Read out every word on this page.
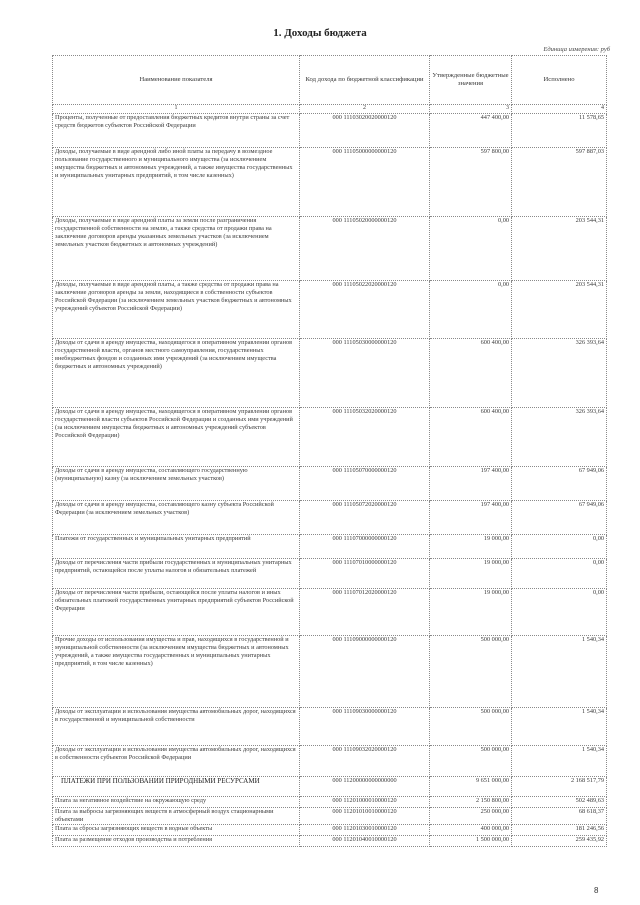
1. Доходы бюджета
Единица измерения: руб
Наименование показателя	Код дохода по бюджетной классификации	Утвержденные бюджетные значения	Исполнено
1	2	3	4
Проценты, полученные от предоставления бюджетных кредитов внутри страны за счет средств бюджетов субъектов Российской Федерации	000 11103020020000120	447 400,00	11 578,65
Доходы, получаемые в виде арендной либо иной платы за передачу в возмездное пользование государственного и муниципального имущества (за исключением имущества бюджетных и автономных учреждений, а также имущества государственных и муниципальных унитарных предприятий, в том числе казенных)	000 11105000000000120	597 800,00	597 887,03
Доходы, получаемые в виде арендной платы за земли после разграничения государственной собственности на землю, а также средства от продажи права на заключение договоров аренды указанных земельных участков (за исключением земельных участков бюджетных и автономных учреждений)	000 11105020000000120	0,00	203 544,31
Доходы, получаемые в виде арендной платы, а также средства от продажи права на заключение договоров аренды за земли, находящиеся в собственности субъектов Российской Федерации (за исключением земельных участков бюджетных и автономных учреждений субъектов Российской Федерации)	000 11105022020000120	0,00	203 544,31
Доходы от сдачи в аренду имущества, находящегося в оперативном управлении органов государственной власти, органов местного самоуправления, государственных внебюджетных фондов и созданных ими учреждений (за исключением имущества бюджетных и автономных учреждений)	000 11105030000000120	600 400,00	326 393,64
Доходы от сдачи в аренду имущества, находящегося в оперативном управлении органов государственной власти субъектов Российской Федерации и созданных ими учреждений (за исключением имущества бюджетных и автономных учреждений субъектов Российской Федерации)	000 11105032020000120	600 400,00	326 393,64
Доходы от сдачи в аренду имущества, составляющего государственную (муниципальную) казну (за исключением земельных участков)	000 11105070000000120	197 400,00	67 949,06
Доходы от сдачи в аренду имущества, составляющего казну субъекта Российской Федерации (за исключением земельных участков)	000 11105072020000120	197 400,00	67 949,06
Платежи от государственных и муниципальных унитарных предприятий	000 11107000000000120	19 000,00	0,00
Доходы от перечисления части прибыли государственных и муниципальных унитарных предприятий, остающейся после уплаты налогов и обязательных платежей	000 11107010000000120	19 000,00	0,00
Доходы от перечисления части прибыли, остающейся после уплаты налогов и иных обязательных платежей государственных унитарных предприятий субъектов Российской Федерации	000 11107012020000120	19 000,00	0,00
Прочие доходы от использования имущества и прав, находящихся в государственной и муниципальной собственности (за исключением имущества бюджетных и автономных учреждений, а также имущества государственных и муниципальных унитарных предприятий, в том числе казенных)	000 11109000000000120	500 000,00	1 540,34
Доходы от эксплуатации и использования имущества автомобильных дорог, находящихся в государственной и муниципальной собственности	000 11109030000000120	500 000,00	1 540,34
Доходы от эксплуатации и использования имущества автомобильных дорог, находящихся в собственности субъектов Российской Федерации	000 11109032020000120	500 000,00	1 540,34
ПЛАТЕЖИ ПРИ ПОЛЬЗОВАНИИ ПРИРОДНЫМИ РЕСУРСАМИ	000 11200000000000000	9 651 000,00	2 168 517,79
Плата за негативное воздействие на окружающую среду	000 11201000010000120	2 150 800,00	502 489,63
Плата за выбросы загрязняющих веществ в атмосферный воздух стационарными объектами	000 11201010010000120	250 000,00	68 618,37
Плата за сбросы загрязняющих веществ в водные объекты	000 11201030010000120	400 000,00	181 246,56
Плата за размещение отходов производства и потребления	000 11201040010000120	1 500 000,00	259 435,92
8
